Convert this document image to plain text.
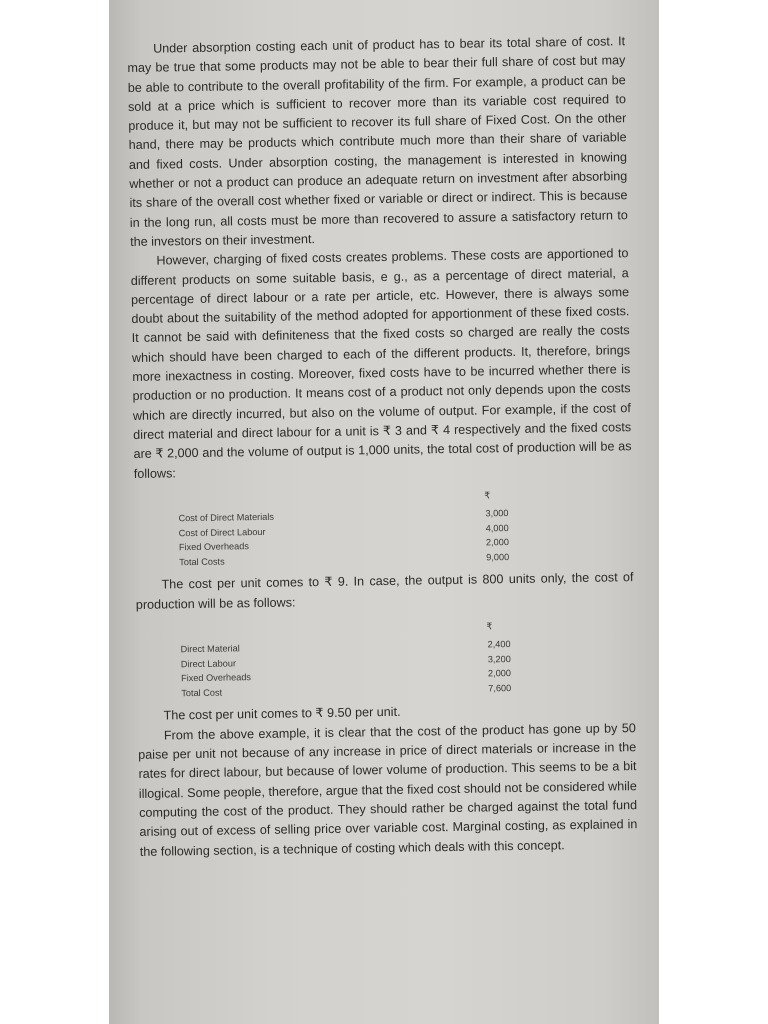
Under absorption costing each unit of product has to bear its total share of cost. It may be true that some products may not be able to bear their full share of cost but may be able to contribute to the overall profitability of the firm. For example, a product can be sold at a price which is sufficient to recover more than its variable cost required to produce it, but may not be sufficient to recover its full share of Fixed Cost. On the other hand, there may be products which contribute much more than their share of variable and fixed costs. Under absorption costing, the management is interested in knowing whether or not a product can produce an adequate return on investment after absorbing its share of the overall cost whether fixed or variable or direct or indirect. This is because in the long run, all costs must be more than recovered to assure a satisfactory return to the investors on their investment.

However, charging of fixed costs creates problems. These costs are apportioned to different products on some suitable basis, e g., as a percentage of direct material, a percentage of direct labour or a rate per article, etc. However, there is always some doubt about the suitability of the method adopted for apportionment of these fixed costs. It cannot be said with definiteness that the fixed costs so charged are really the costs which should have been charged to each of the different products. It, therefore, brings more inexactness in costing. Moreover, fixed costs have to be incurred whether there is production or no production. It means cost of a product not only depends upon the costs which are directly incurred, but also on the volume of output. For example, if the cost of direct material and direct labour for a unit is ₹ 3 and ₹ 4 respectively and the fixed costs are ₹ 2,000 and the volume of output is 1,000 units, the total cost of production will be as follows:

₹
Cost of Direct Materials	3,000
Cost of Direct Labour	4,000
Fixed Overheads	2,000
Total Costs	9,000

The cost per unit comes to ₹ 9. In case, the output is 800 units only, the cost of production will be as follows:

₹
Direct Material	2,400
Direct Labour	3,200
Fixed Overheads	2,000
Total Cost	7,600

The cost per unit comes to ₹ 9.50 per unit.

From the above example, it is clear that the cost of the product has gone up by 50 paise per unit not because of any increase in price of direct materials or increase in the rates for direct labour, but because of lower volume of production. This seems to be a bit illogical. Some people, therefore, argue that the fixed cost should not be considered while computing the cost of the product. They should rather be charged against the total fund arising out of excess of selling price over variable cost. Marginal costing, as explained in the following section, is a technique of costing which deals with this concept.
